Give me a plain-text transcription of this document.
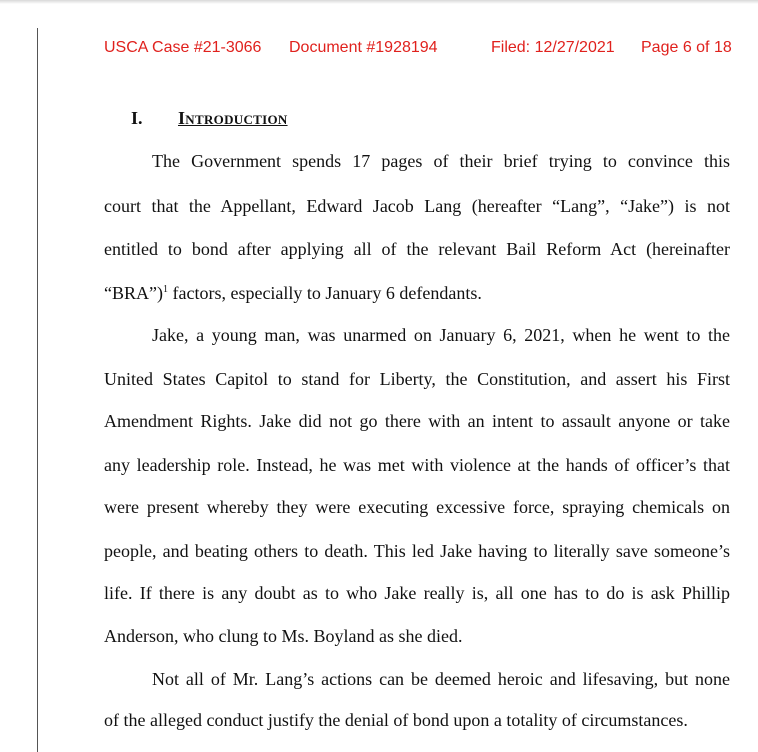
USCA Case #21-3066 Document #1928194	Filed: 12/27/2021 Page 6 of 18
I. Introduction
The Government spends 17 pages of their brief trying to convince this
court that the Appellant, Edward Jacob Lang (hereafter “Lang”, “Jake”) is not
entitled to bond after applying all of the relevant Bail Reform Act (hereinafter
“BRA”)$^1$ factors, especially to January 6 defendants.
Jake, a young man, was unarmed on January 6, 2021, when he went to the
United States Capitol to stand for Liberty, the Constitution, and assert his First
Amendment Rights. Jake did not go there with an intent to assault anyone or take
any leadership role. Instead, he was met with violence at the hands of officer’s that
were present whereby they were executing excessive force, spraying chemicals on
people, and beating others to death. This led Jake having to literally save someone’s
life. If there is any doubt as to who Jake really is, all one has to do is ask Phillip
Anderson, who clung to Ms. Boyland as she died.
Not all of Mr. Lang’s actions can be deemed heroic and lifesaving, but none
of the alleged conduct justify the denial of bond upon a totality of circumstances.
